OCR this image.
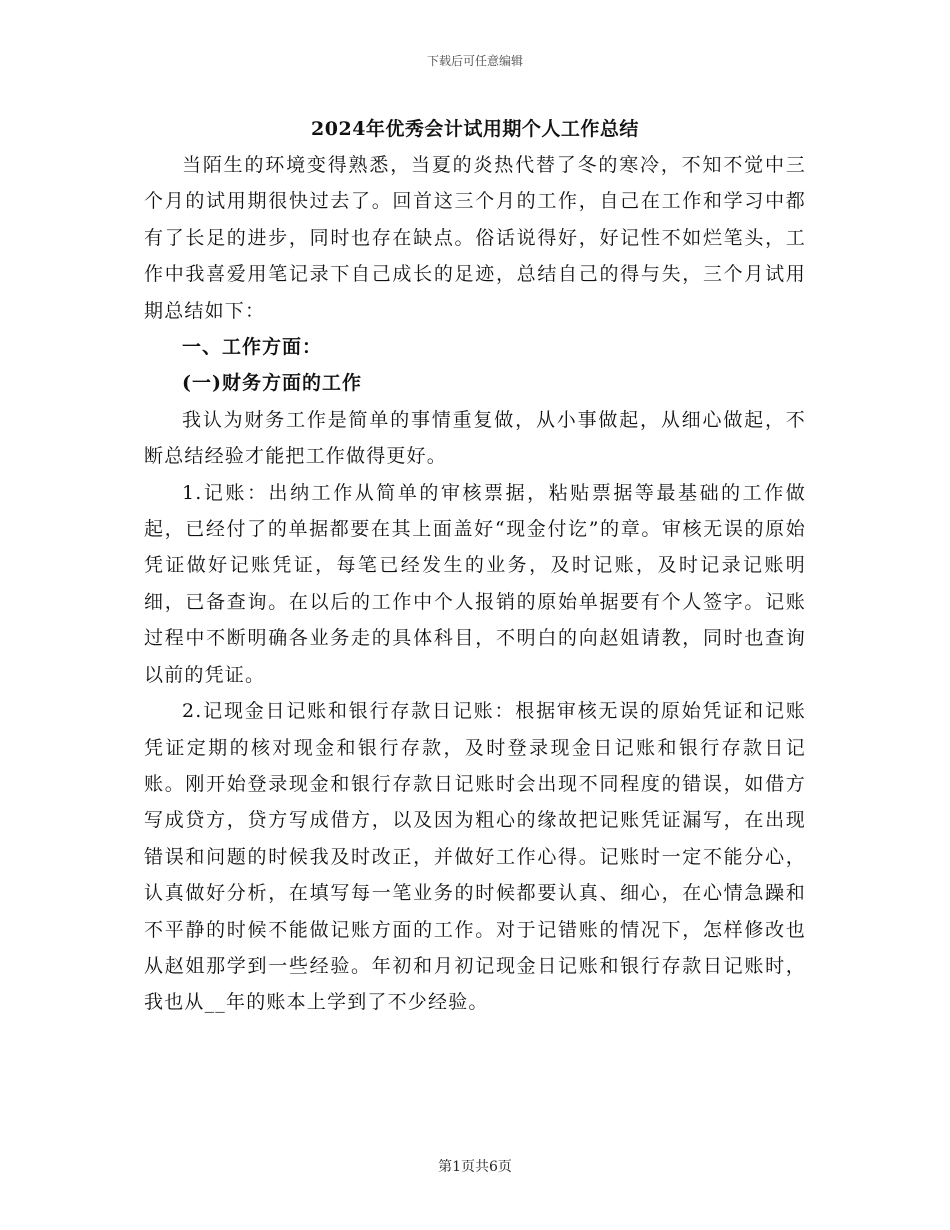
下载后可任意编辑
2024年优秀会计试用期个人工作总结

当陌生的环境变得熟悉，当夏的炎热代替了冬的寒冷，不知不觉中三个月的试用期很快过去了。回首这三个月的工作，自己在工作和学习中都有了长足的进步，同时也存在缺点。俗话说得好，好记性不如烂笔头，工作中我喜爱用笔记录下自己成长的足迹，总结自己的得与失，三个月试用期总结如下：

一、工作方面：

(一)财务方面的工作

我认为财务工作是简单的事情重复做，从小事做起，从细心做起，不断总结经验才能把工作做得更好。

1.记账：出纳工作从简单的审核票据，粘贴票据等最基础的工作做起，已经付了的单据都要在其上面盖好“现金付讫”的章。审核无误的原始凭证做好记账凭证，每笔已经发生的业务，及时记账，及时记录记账明细，已备查询。在以后的工作中个人报销的原始单据要有个人签字。记账过程中不断明确各业务走的具体科目，不明白的向赵姐请教，同时也查询以前的凭证。

2.记现金日记账和银行存款日记账：根据审核无误的原始凭证和记账凭证定期的核对现金和银行存款，及时登录现金日记账和银行存款日记账。刚开始登录现金和银行存款日记账时会出现不同程度的错误，如借方写成贷方，贷方写成借方，以及因为粗心的缘故把记账凭证漏写，在出现错误和问题的时候我及时改正，并做好工作心得。记账时一定不能分心，认真做好分析，在填写每一笔业务的时候都要认真、细心，在心情急躁和不平静的时候不能做记账方面的工作。对于记错账的情况下，怎样修改也从赵姐那学到一些经验。年初和月初记现金日记账和银行存款日记账时，我也从__年的账本上学到了不少经验。

第1页共6页
